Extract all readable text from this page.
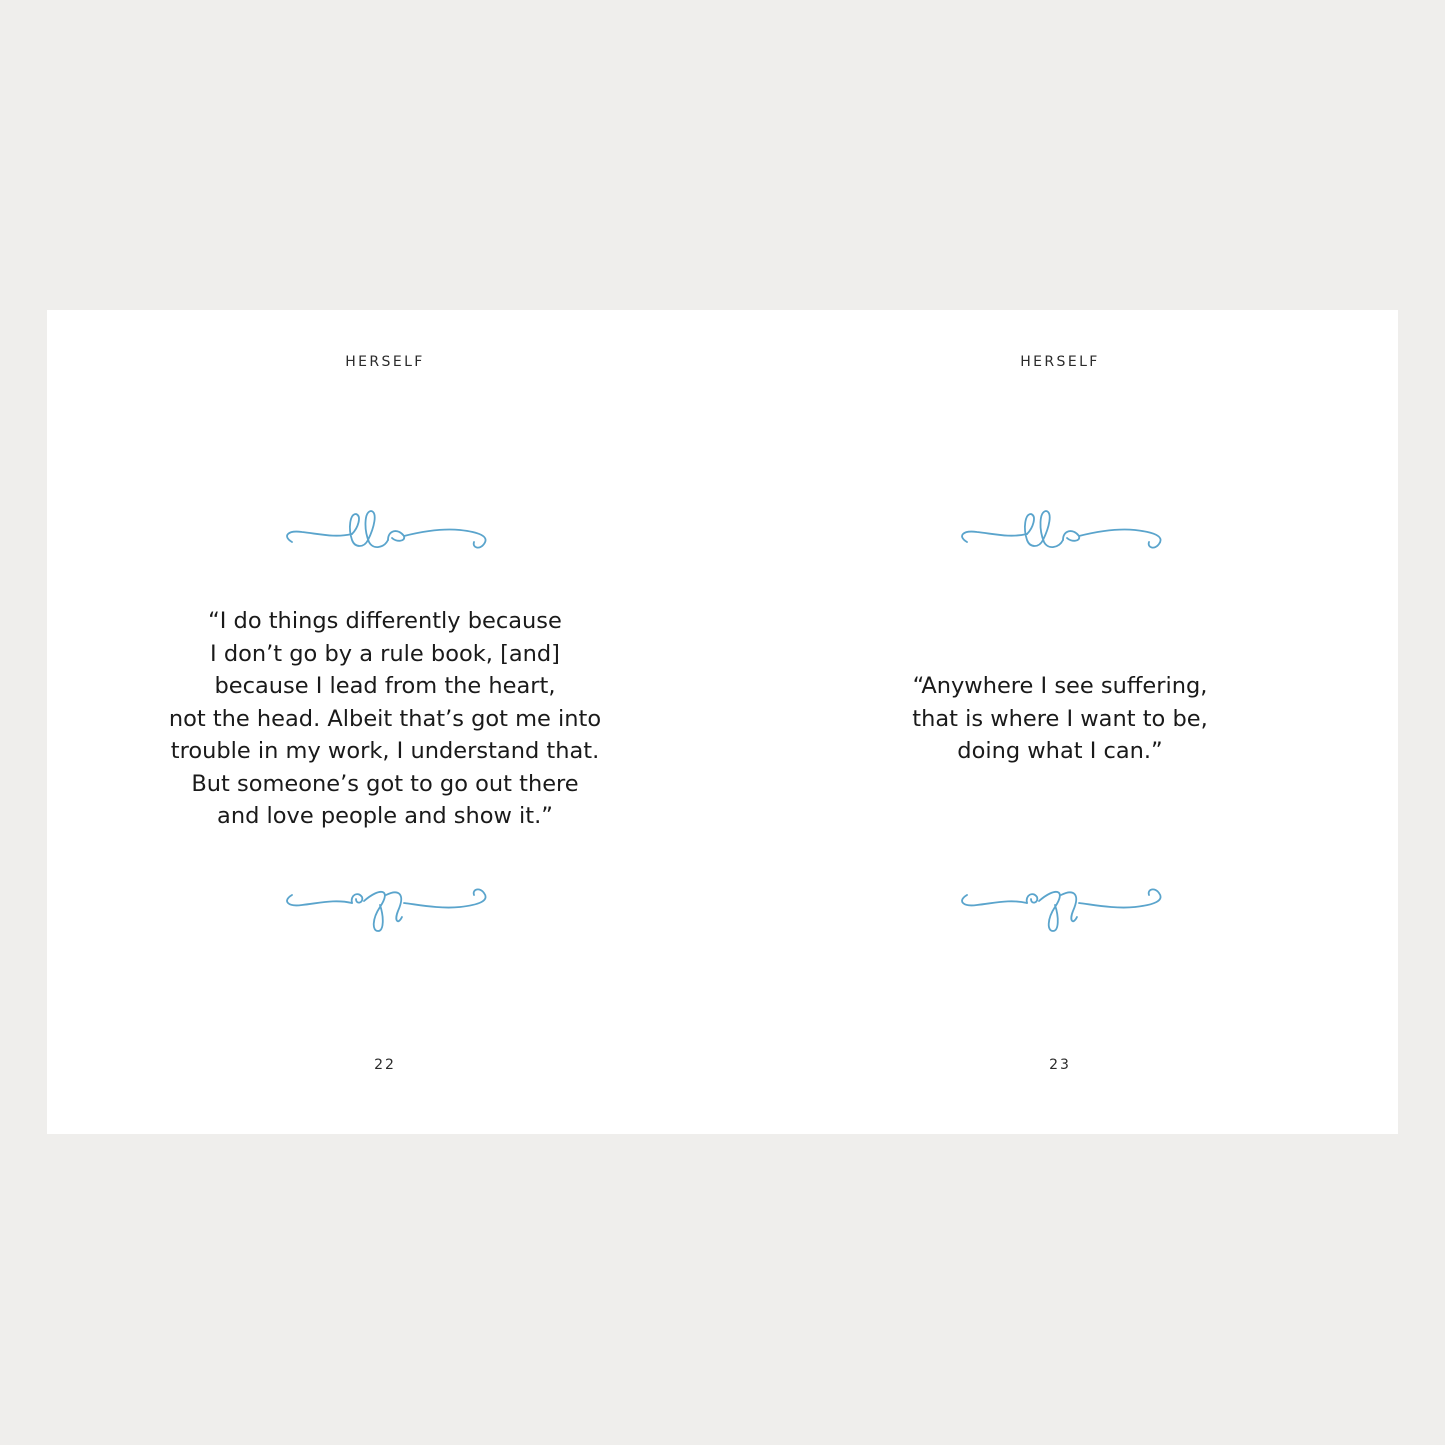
HERSELF
“I do things differently because
I don’t go by a rule book, [and]
because I lead from the heart,
not the head. Albeit that’s got me into
trouble in my work, I understand that.
But someone’s got to go out there
and love people and show it.”
22
HERSELF
“Anywhere I see suffering,
that is where I want to be,
doing what I can.”
23
